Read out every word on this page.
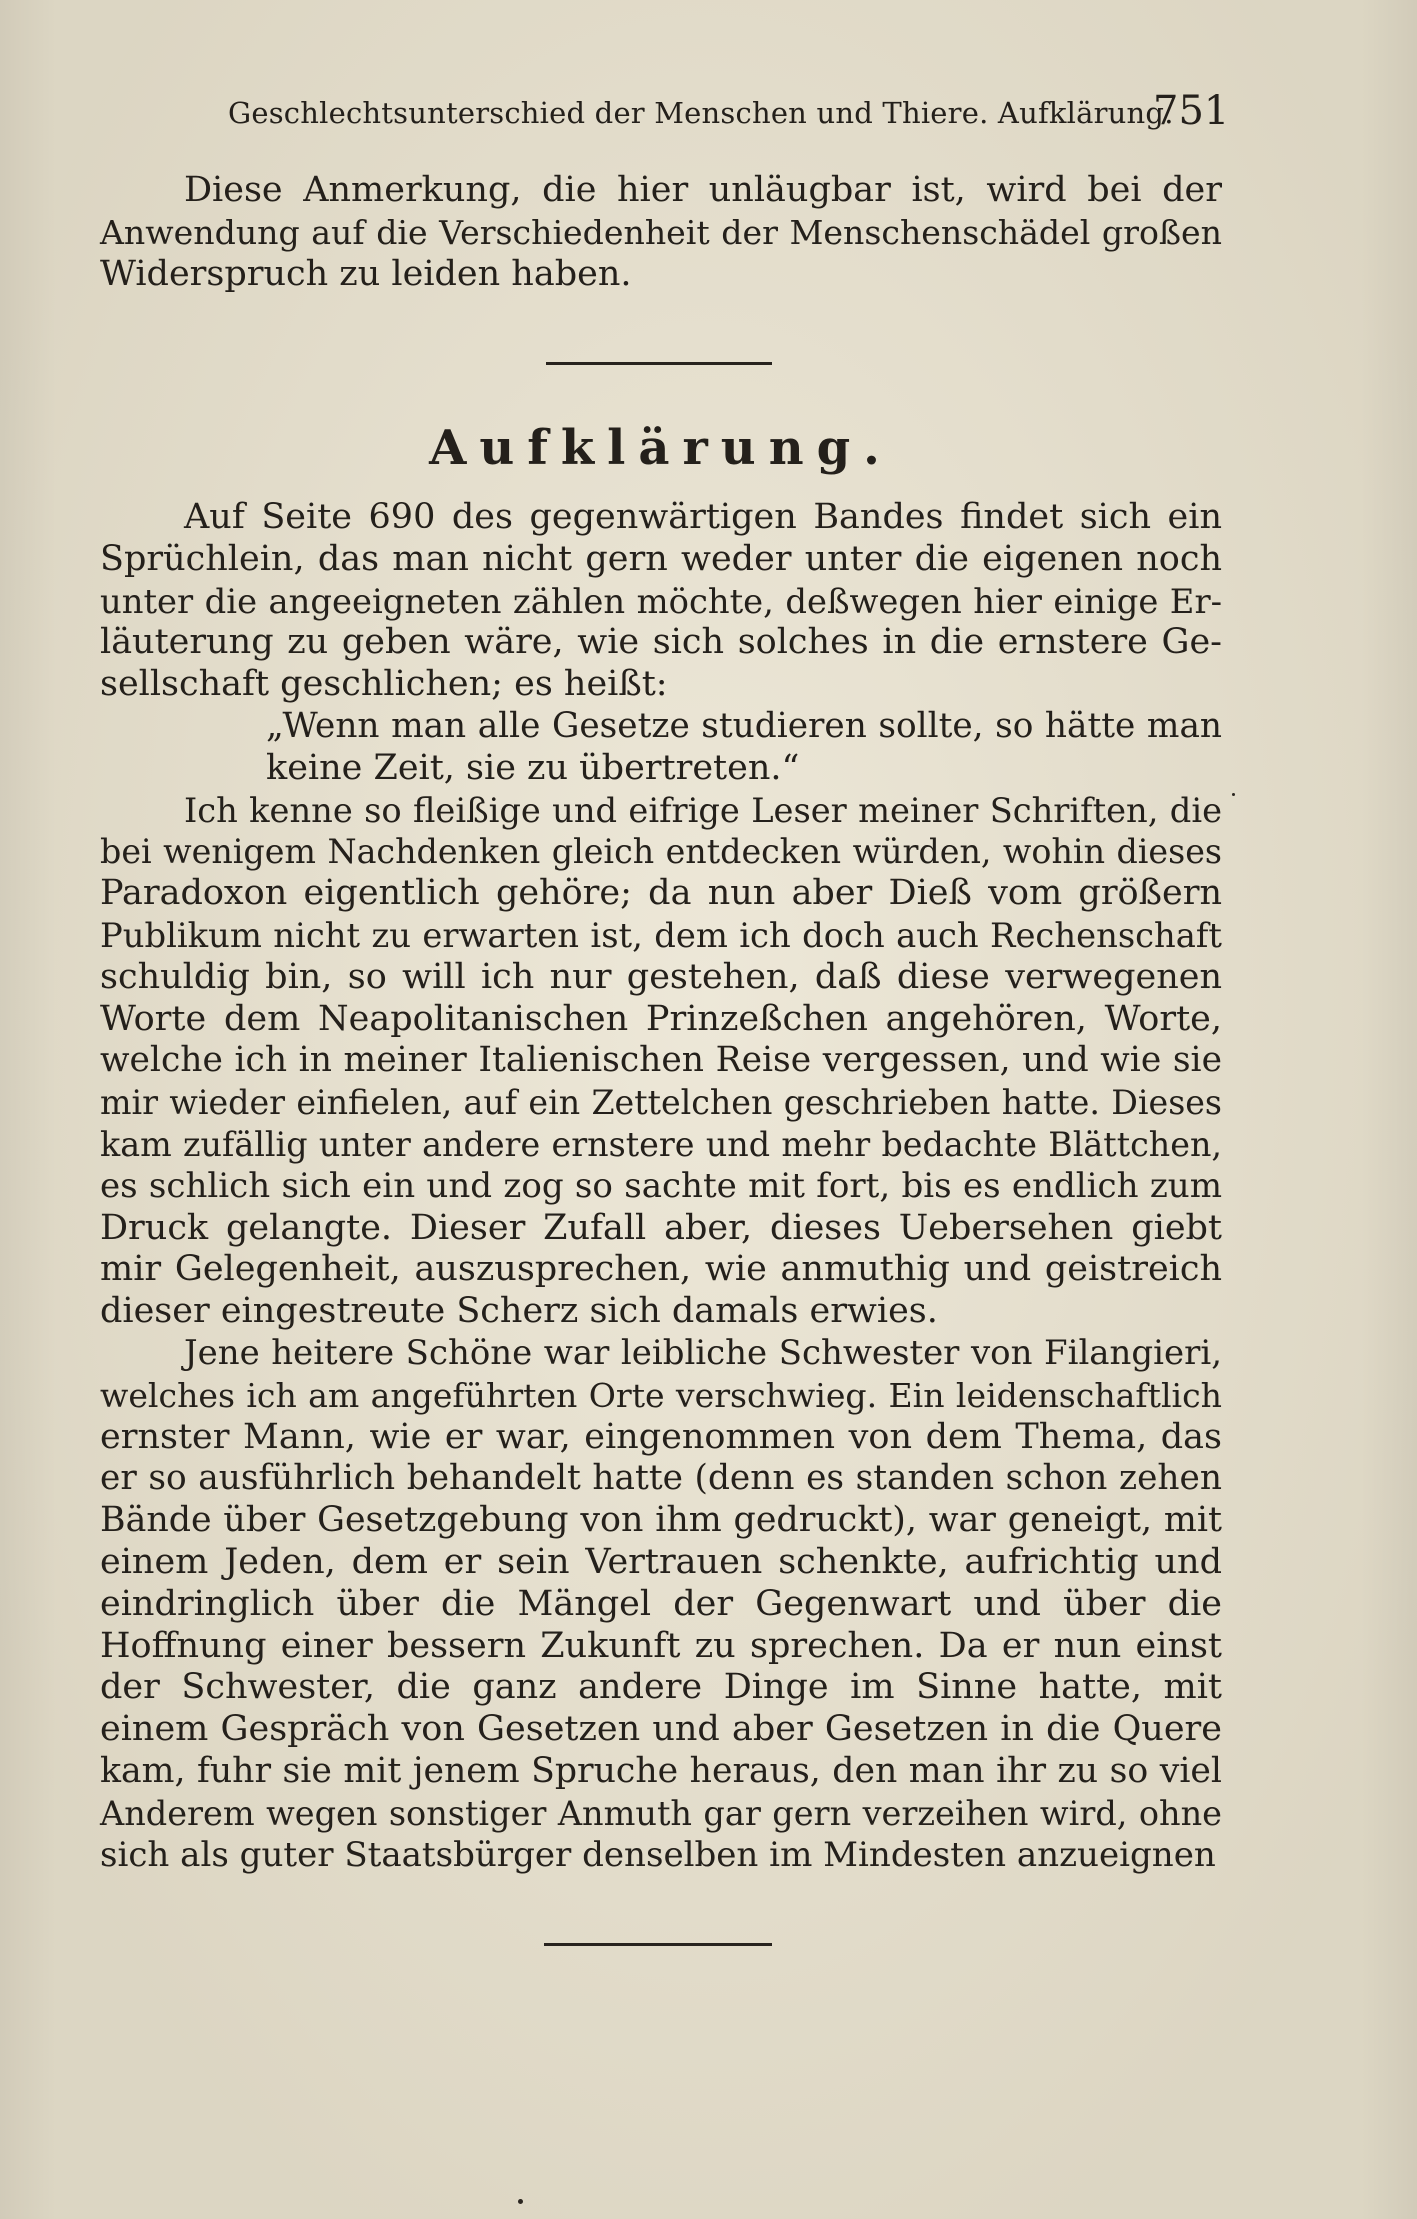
Geschlechtsunterschied der Menschen und Thiere. Aufklärung.
751
Diese Anmerkung, die hier unläugbar ist, wird bei der
Anwendung auf die Verschiedenheit der Menschenschädel großen
Widerspruch zu leiden haben.
Aufklärung.
Auf Seite 690 des gegenwärtigen Bandes findet sich ein
Sprüchlein, das man nicht gern weder unter die eigenen noch
unter die angeeigneten zählen möchte, deßwegen hier einige Er-
läuterung zu geben wäre, wie sich solches in die ernstere Ge-
sellschaft geschlichen; es heißt:
„Wenn man alle Gesetze studieren sollte, so hätte man
keine Zeit, sie zu übertreten.“
Ich kenne so fleißige und eifrige Leser meiner Schriften, die
bei wenigem Nachdenken gleich entdecken würden, wohin dieses
Paradoxon eigentlich gehöre; da nun aber Dieß vom größern
Publikum nicht zu erwarten ist, dem ich doch auch Rechenschaft
schuldig bin, so will ich nur gestehen, daß diese verwegenen
Worte dem Neapolitanischen Prinzeßchen angehören, Worte,
welche ich in meiner Italienischen Reise vergessen, und wie sie
mir wieder einfielen, auf ein Zettelchen geschrieben hatte. Dieses
kam zufällig unter andere ernstere und mehr bedachte Blättchen,
es schlich sich ein und zog so sachte mit fort, bis es endlich zum
Druck gelangte. Dieser Zufall aber, dieses Uebersehen giebt
mir Gelegenheit, auszusprechen, wie anmuthig und geistreich
dieser eingestreute Scherz sich damals erwies.
Jene heitere Schöne war leibliche Schwester von Filangieri,
welches ich am angeführten Orte verschwieg. Ein leidenschaftlich
ernster Mann, wie er war, eingenommen von dem Thema, das
er so ausführlich behandelt hatte (denn es standen schon zehen
Bände über Gesetzgebung von ihm gedruckt), war geneigt, mit
einem Jeden, dem er sein Vertrauen schenkte, aufrichtig und
eindringlich über die Mängel der Gegenwart und über die
Hoffnung einer bessern Zukunft zu sprechen. Da er nun einst
der Schwester, die ganz andere Dinge im Sinne hatte, mit
einem Gespräch von Gesetzen und aber Gesetzen in die Quere
kam, fuhr sie mit jenem Spruche heraus, den man ihr zu so viel
Anderem wegen sonstiger Anmuth gar gern verzeihen wird, ohne
sich als guter Staatsbürger denselben im Mindesten anzueignen
